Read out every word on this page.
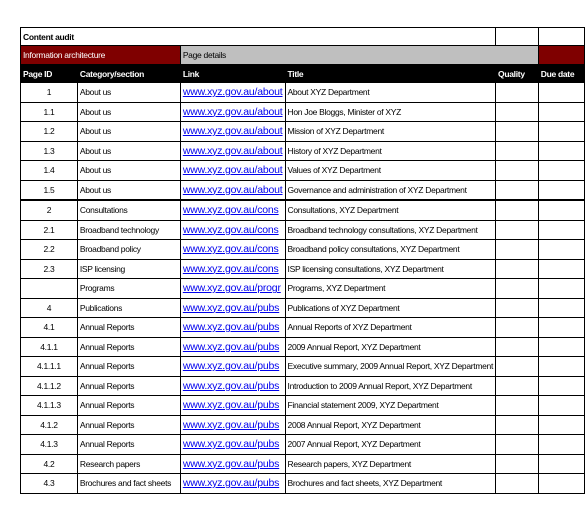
Content audit					
Information architecture		Page details			
Page ID	Category/section	Link	Title	Quality	Due date
1	About us	www.xyz.gov.au/about	About XYZ Department		
1.1	About us	www.xyz.gov.au/about	Hon Joe Bloggs, Minister of XYZ		
1.2	About us	www.xyz.gov.au/about	Mission of XYZ Department		
1.3	About us	www.xyz.gov.au/about	History of XYZ Department		
1.4	About us	www.xyz.gov.au/about	Values of XYZ Department		
1.5	About us	www.xyz.gov.au/about	Governance and administration of XYZ Department		
2	Consultations	www.xyz.gov.au/cons	Consultations, XYZ Department		
2.1	Broadband technology	www.xyz.gov.au/cons	Broadband technology consultations, XYZ Department		
2.2	Broadband policy	www.xyz.gov.au/cons	Broadband policy consultations, XYZ Department		
2.3	ISP licensing	www.xyz.gov.au/cons	ISP licensing consultations, XYZ Department		
	Programs	www.xyz.gov.au/progr	Programs, XYZ Department		
4	Publications	www.xyz.gov.au/pubs	Publications of XYZ Department		
4.1	Annual Reports	www.xyz.gov.au/pubs	Annual Reports of XYZ Department		
4.1.1	Annual Reports	www.xyz.gov.au/pubs	2009 Annual Report, XYZ Department		
4.1.1.1	Annual Reports	www.xyz.gov.au/pubs	Executive summary, 2009 Annual Report, XYZ Department		
4.1.1.2	Annual Reports	www.xyz.gov.au/pubs	Introduction to 2009 Annual Report, XYZ Department		
4.1.1.3	Annual Reports	www.xyz.gov.au/pubs	Financial statement 2009, XYZ Department		
4.1.2	Annual Reports	www.xyz.gov.au/pubs	2008 Annual Report, XYZ Department		
4.1.3	Annual Reports	www.xyz.gov.au/pubs	2007 Annual Report, XYZ Department		
4.2	Research papers	www.xyz.gov.au/pubs	Research papers, XYZ Department		
4.3	Brochures and fact sheets	www.xyz.gov.au/pubs	Brochures and fact sheets, XYZ Department		
